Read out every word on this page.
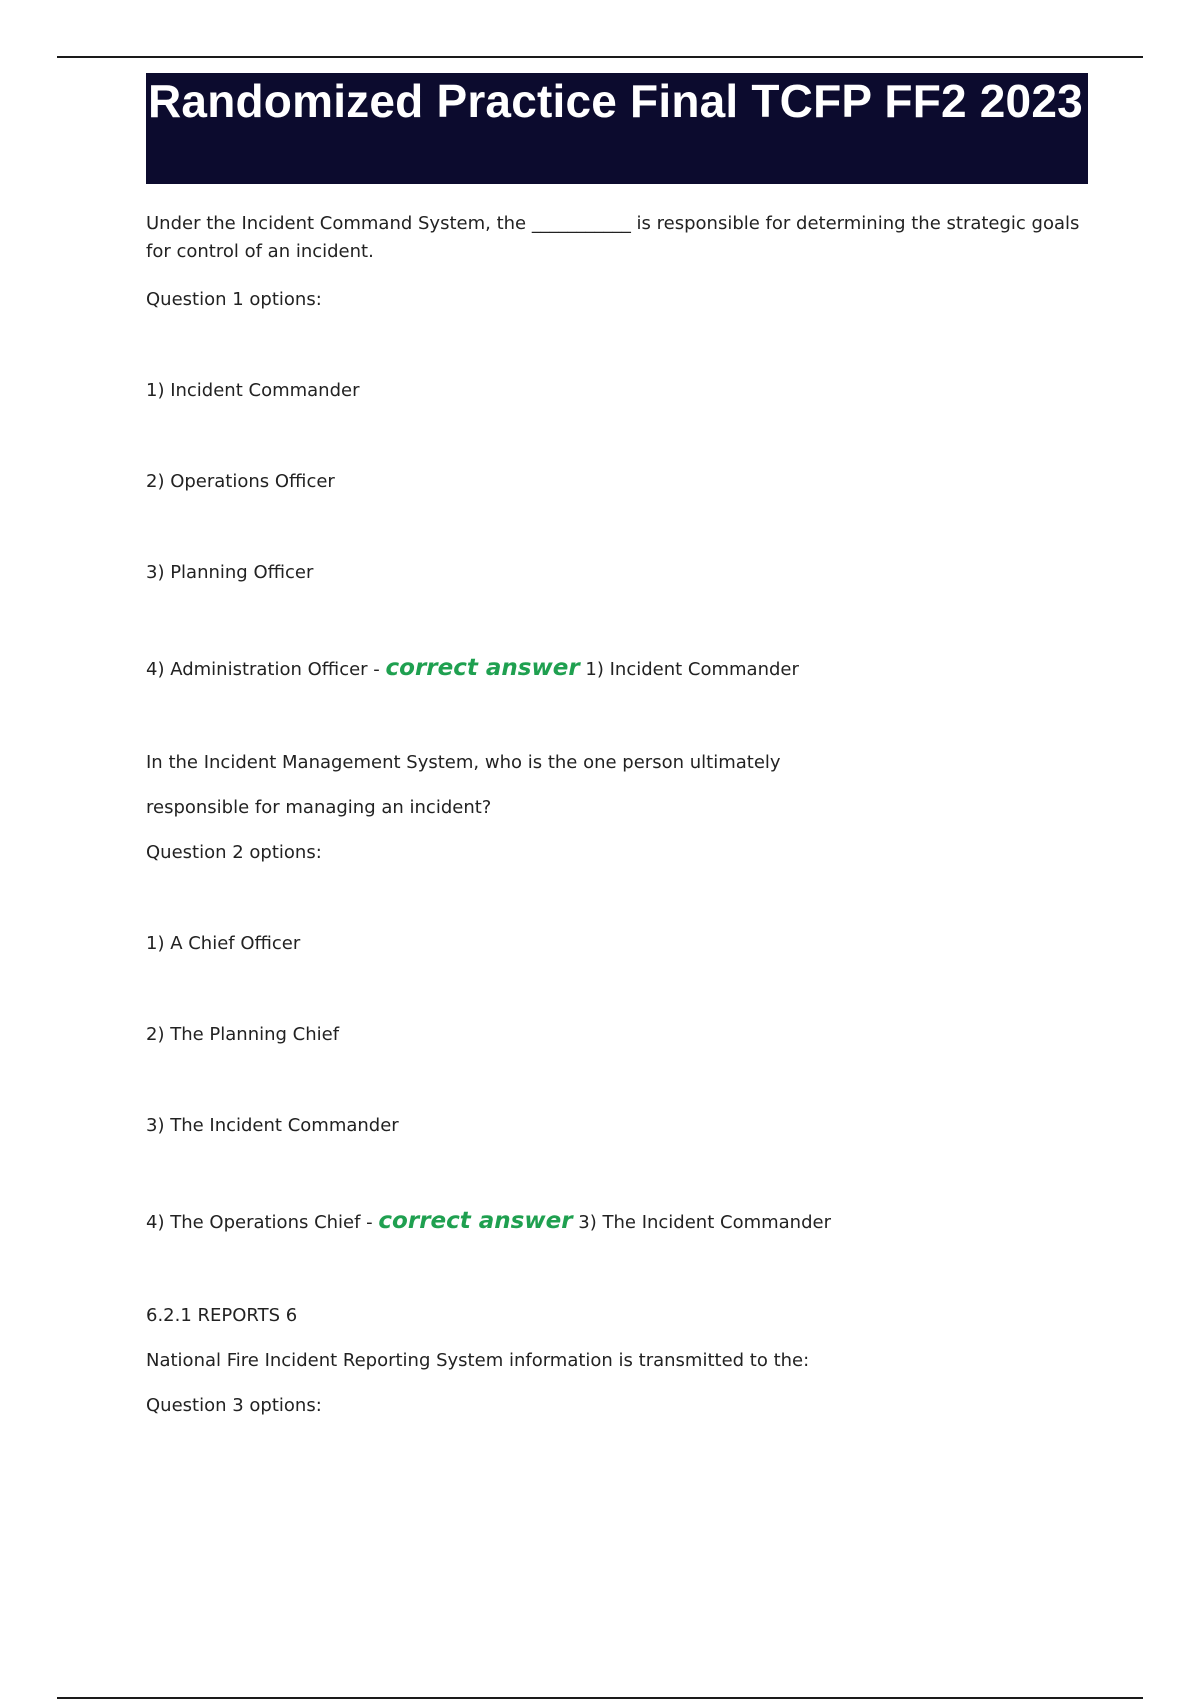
Randomized Practice Final TCFP FF2 2023

Under the Incident Command System, the ___________ is responsible for determining the strategic goals for control of an incident.

Question 1 options:

1) Incident Commander

2) Operations Officer

3) Planning Officer

4) Administration Officer - correct answer 1) Incident Commander

In the Incident Management System, who is the one person ultimately

responsible for managing an incident?

Question 2 options:

1) A Chief Officer

2) The Planning Chief

3) The Incident Commander

4) The Operations Chief - correct answer 3) The Incident Commander

6.2.1 REPORTS 6

National Fire Incident Reporting System information is transmitted to the:

Question 3 options:
